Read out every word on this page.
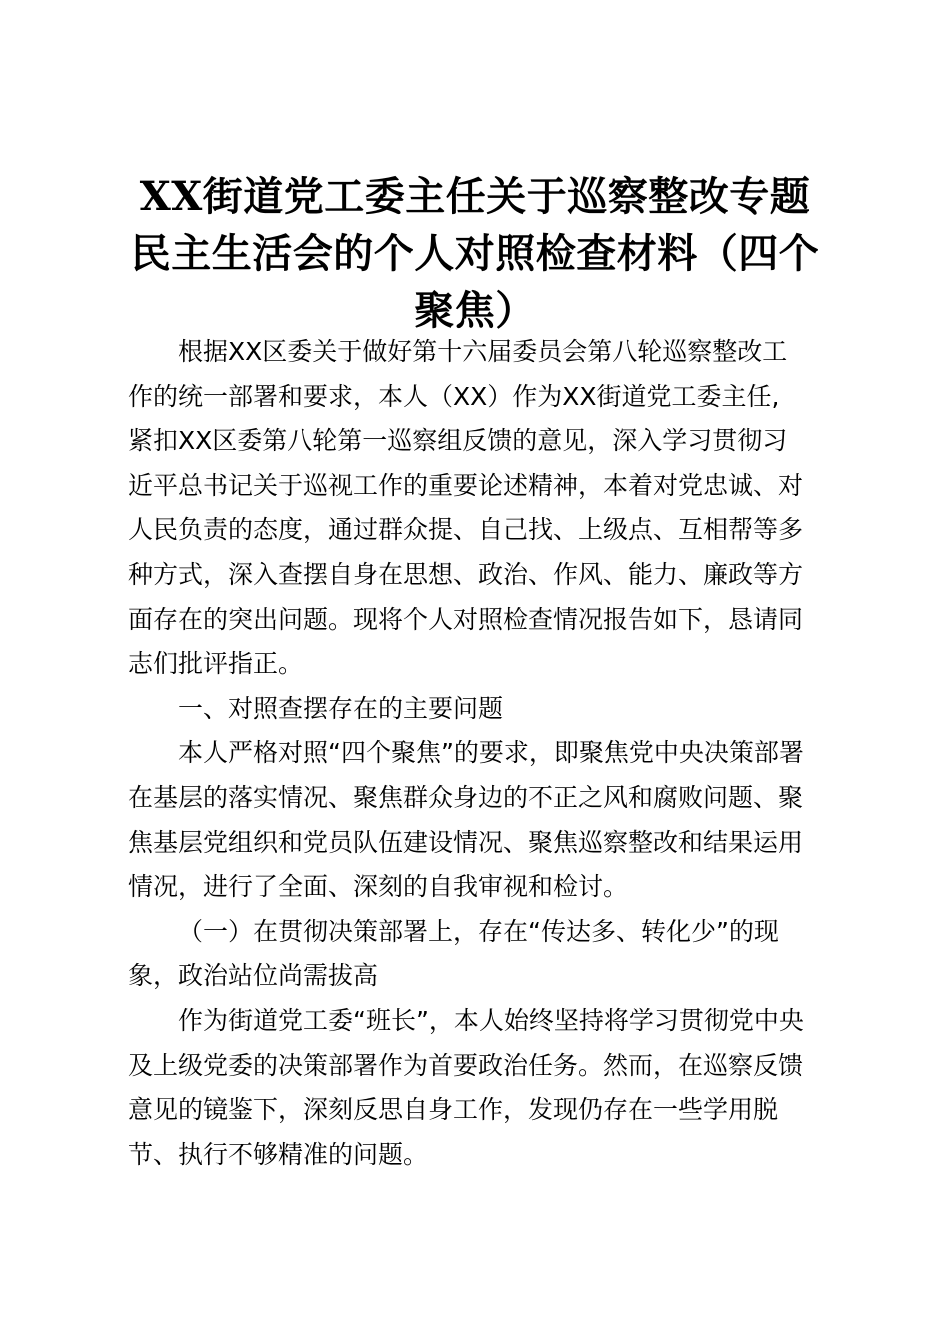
XX街道党工委主任关于巡察整改专题
民主生活会的个人对照检查材料（四个
聚焦）
根据XX区委关于做好第十六届委员会第八轮巡察整改工
作的统一部署和要求，本人（XX）作为XX街道党工委主任,
紧扣XX区委第八轮第一巡察组反馈的意见，深入学习贯彻习
近平总书记关于巡视工作的重要论述精神，本着对党忠诚、对
人民负责的态度，通过群众提、自己找、上级点、互相帮等多
种方式，深入查摆自身在思想、政治、作风、能力、廉政等方
面存在的突出问题。现将个人对照检查情况报告如下，恳请同
志们批评指正。
一、对照查摆存在的主要问题
本人严格对照“四个聚焦”的要求，即聚焦党中央决策部署
在基层的落实情况、聚焦群众身边的不正之风和腐败问题、聚
焦基层党组织和党员队伍建设情况、聚焦巡察整改和结果运用
情况，进行了全面、深刻的自我审视和检讨。
（一）在贯彻决策部署上，存在“传达多、转化少”的现
象，政治站位尚需拔高
作为街道党工委“班长”，本人始终坚持将学习贯彻党中央
及上级党委的决策部署作为首要政治任务。然而，在巡察反馈
意见的镜鉴下，深刻反思自身工作，发现仍存在一些学用脱
节、执行不够精准的问题。
